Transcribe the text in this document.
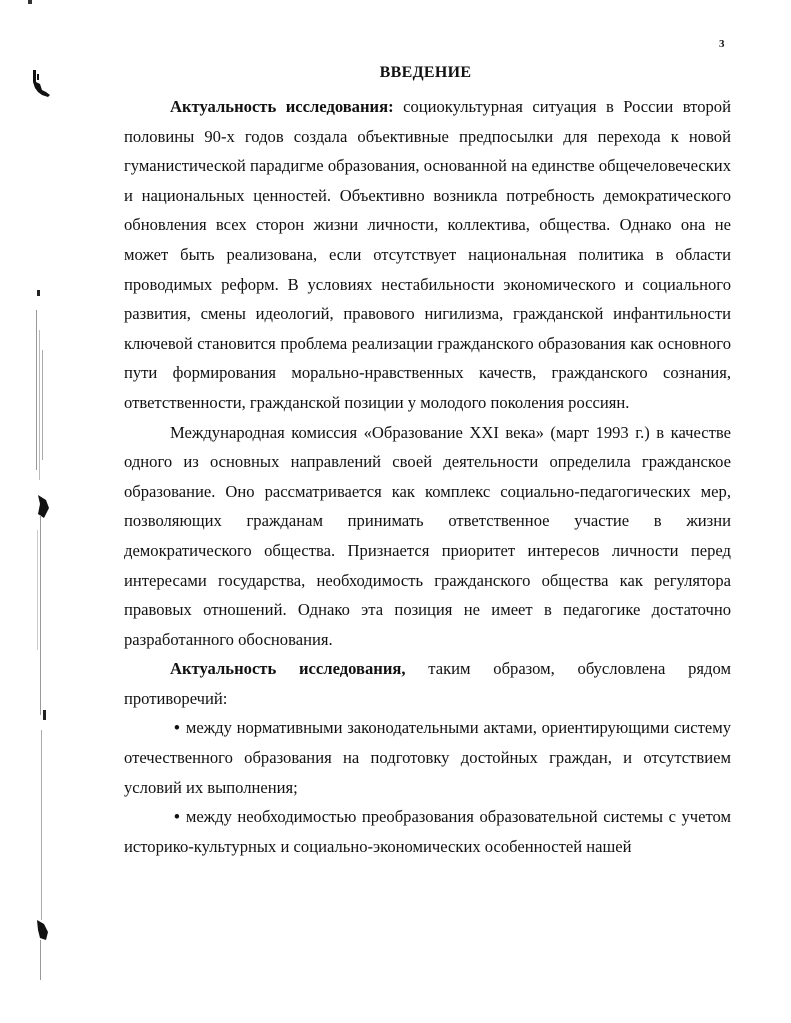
3
ВВЕДЕНИЕ

Актуальность исследования: социокультурная ситуация в России второй половины 90-х годов создала объективные предпосылки для перехода к новой гуманистической парадигме образования, основанной на единстве общечеловеческих и национальных ценностей. Объективно возникла потребность демократического обновления всех сторон жизни личности, коллектива, общества. Однако она не может быть реализована, если отсутствует национальная политика в области проводимых реформ. В условиях нестабильности экономического и социального развития, смены идеологий, правового нигилизма, гражданской инфантильности ключевой становится проблема реализации гражданского образования как основного пути формирования морально-нравственных качеств, гражданского сознания, ответственности, гражданской позиции у молодого поколения россиян.

Международная комиссия «Образование XXI века» (март 1993 г.) в качестве одного из основных направлений своей деятельности определила гражданское образование. Оно рассматривается как комплекс социально-педагогических мер, позволяющих гражданам принимать ответственное участие в жизни демократического общества. Признается приоритет интересов личности перед интересами государства, необходимость гражданского общества как регулятора правовых отношений. Однако эта позиция не имеет в педагогике достаточно разработанного обоснования.

Актуальность исследования, таким образом, обусловлена рядом противоречий:

• между нормативными законодательными актами, ориентирующими систему отечественного образования на подготовку достойных граждан, и отсутствием условий их выполнения;

• между необходимостью преобразования образовательной системы с учетом историко-культурных и социально-экономических особенностей нашей
